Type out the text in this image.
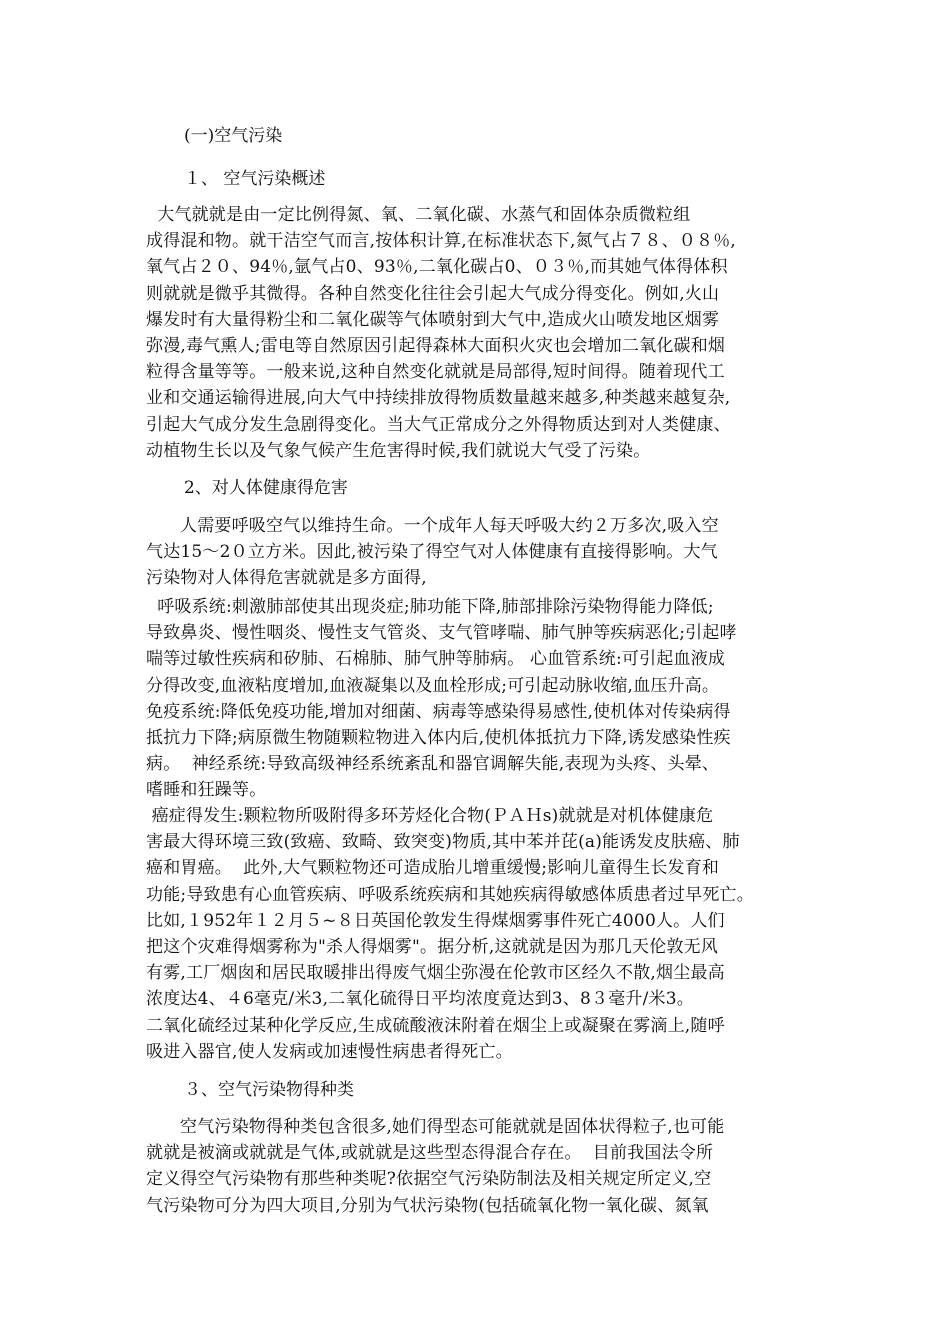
(一)空气污染

１、 空气污染概述

大气就就是由一定比例得氮、氧、二氧化碳、水蒸气和固体杂质微粒组
成得混和物。就干洁空气而言,按体积计算,在标准状态下,氮气占７８、０８％,
氧气占２０、94％,氩气占0、93％,二氧化碳占0、０３％,而其她气体得体积
则就就是微乎其微得。各种自然变化往往会引起大气成分得变化。例如,火山
爆发时有大量得粉尘和二氧化碳等气体喷射到大气中,造成火山喷发地区烟雾
弥漫,毒气熏人;雷电等自然原因引起得森林大面积火灾也会增加二氧化碳和烟
粒得含量等等。一般来说,这种自然变化就就是局部得,短时间得。随着现代工
业和交通运输得进展,向大气中持续排放得物质数量越来越多,种类越来越复杂,
引起大气成分发生急剧得变化。当大气正常成分之外得物质达到对人类健康、
动植物生长以及气象气候产生危害得时候,我们就说大气受了污染。

2、对人体健康得危害

人需要呼吸空气以维持生命。一个成年人每天呼吸大约２万多次,吸入空
气达15～2０立方米。因此,被污染了得空气对人体健康有直接得影响。大气
污染物对人体得危害就就是多方面得,

呼吸系统:刺激肺部使其出现炎症;肺功能下降,肺部排除污染物得能力降低;
导致鼻炎、慢性咽炎、慢性支气管炎、支气管哮喘、肺气肿等疾病恶化;引起哮
喘等过敏性疾病和矽肺、石棉肺、肺气肿等肺病。 心血管系统:可引起血液成
分得改变,血液粘度增加,血液凝集以及血栓形成;可引起动脉收缩,血压升高。
免疫系统:降低免疫功能,增加对细菌、病毒等感染得易感性,使机体对传染病得
抵抗力下降;病原微生物随颗粒物进入体内后,使机体抵抗力下降,诱发感染性疾
病。  神经系统:导致高级神经系统紊乱和器官调解失能,表现为头疼、头晕、
嗜睡和狂躁等。

癌症得发生:颗粒物所吸附得多环芳烃化合物(ＰＡＨs)就就是对机体健康危
害最大得环境三致(致癌、致畸、致突变)物质,其中苯并芘(a)能诱发皮肤癌、肺
癌和胃癌。  此外,大气颗粒物还可造成胎儿增重缓慢;影响儿童得生长发育和
功能;导致患有心血管疾病、呼吸系统疾病和其她疾病得敏感体质患者过早死亡。
比如,１952年１２月５~８日英国伦敦发生得煤烟雾事件死亡4000人。人们
把这个灾难得烟雾称为"杀人得烟雾"。据分析,这就就是因为那几天伦敦无风
有雾,工厂烟囱和居民取暖排出得废气烟尘弥漫在伦敦市区经久不散,烟尘最高
浓度达4、４6毫克/米3,二氧化硫得日平均浓度竟达到3、8３毫升/米3。
二氧化硫经过某种化学反应,生成硫酸液沫附着在烟尘上或凝聚在雾滴上,随呼
吸进入器官,使人发病或加速慢性病患者得死亡。

３、空气污染物得种类

空气污染物得种类包含很多,她们得型态可能就就是固体状得粒子,也可能
就就是被滴或就就是气体,或就就是这些型态得混合存在。  目前我国法令所
定义得空气污染物有那些种类呢?依据空气污染防制法及相关规定所定义,空
气污染物可分为四大项目,分别为气状污染物(包括硫氧化物一氧化碳、氮氧
